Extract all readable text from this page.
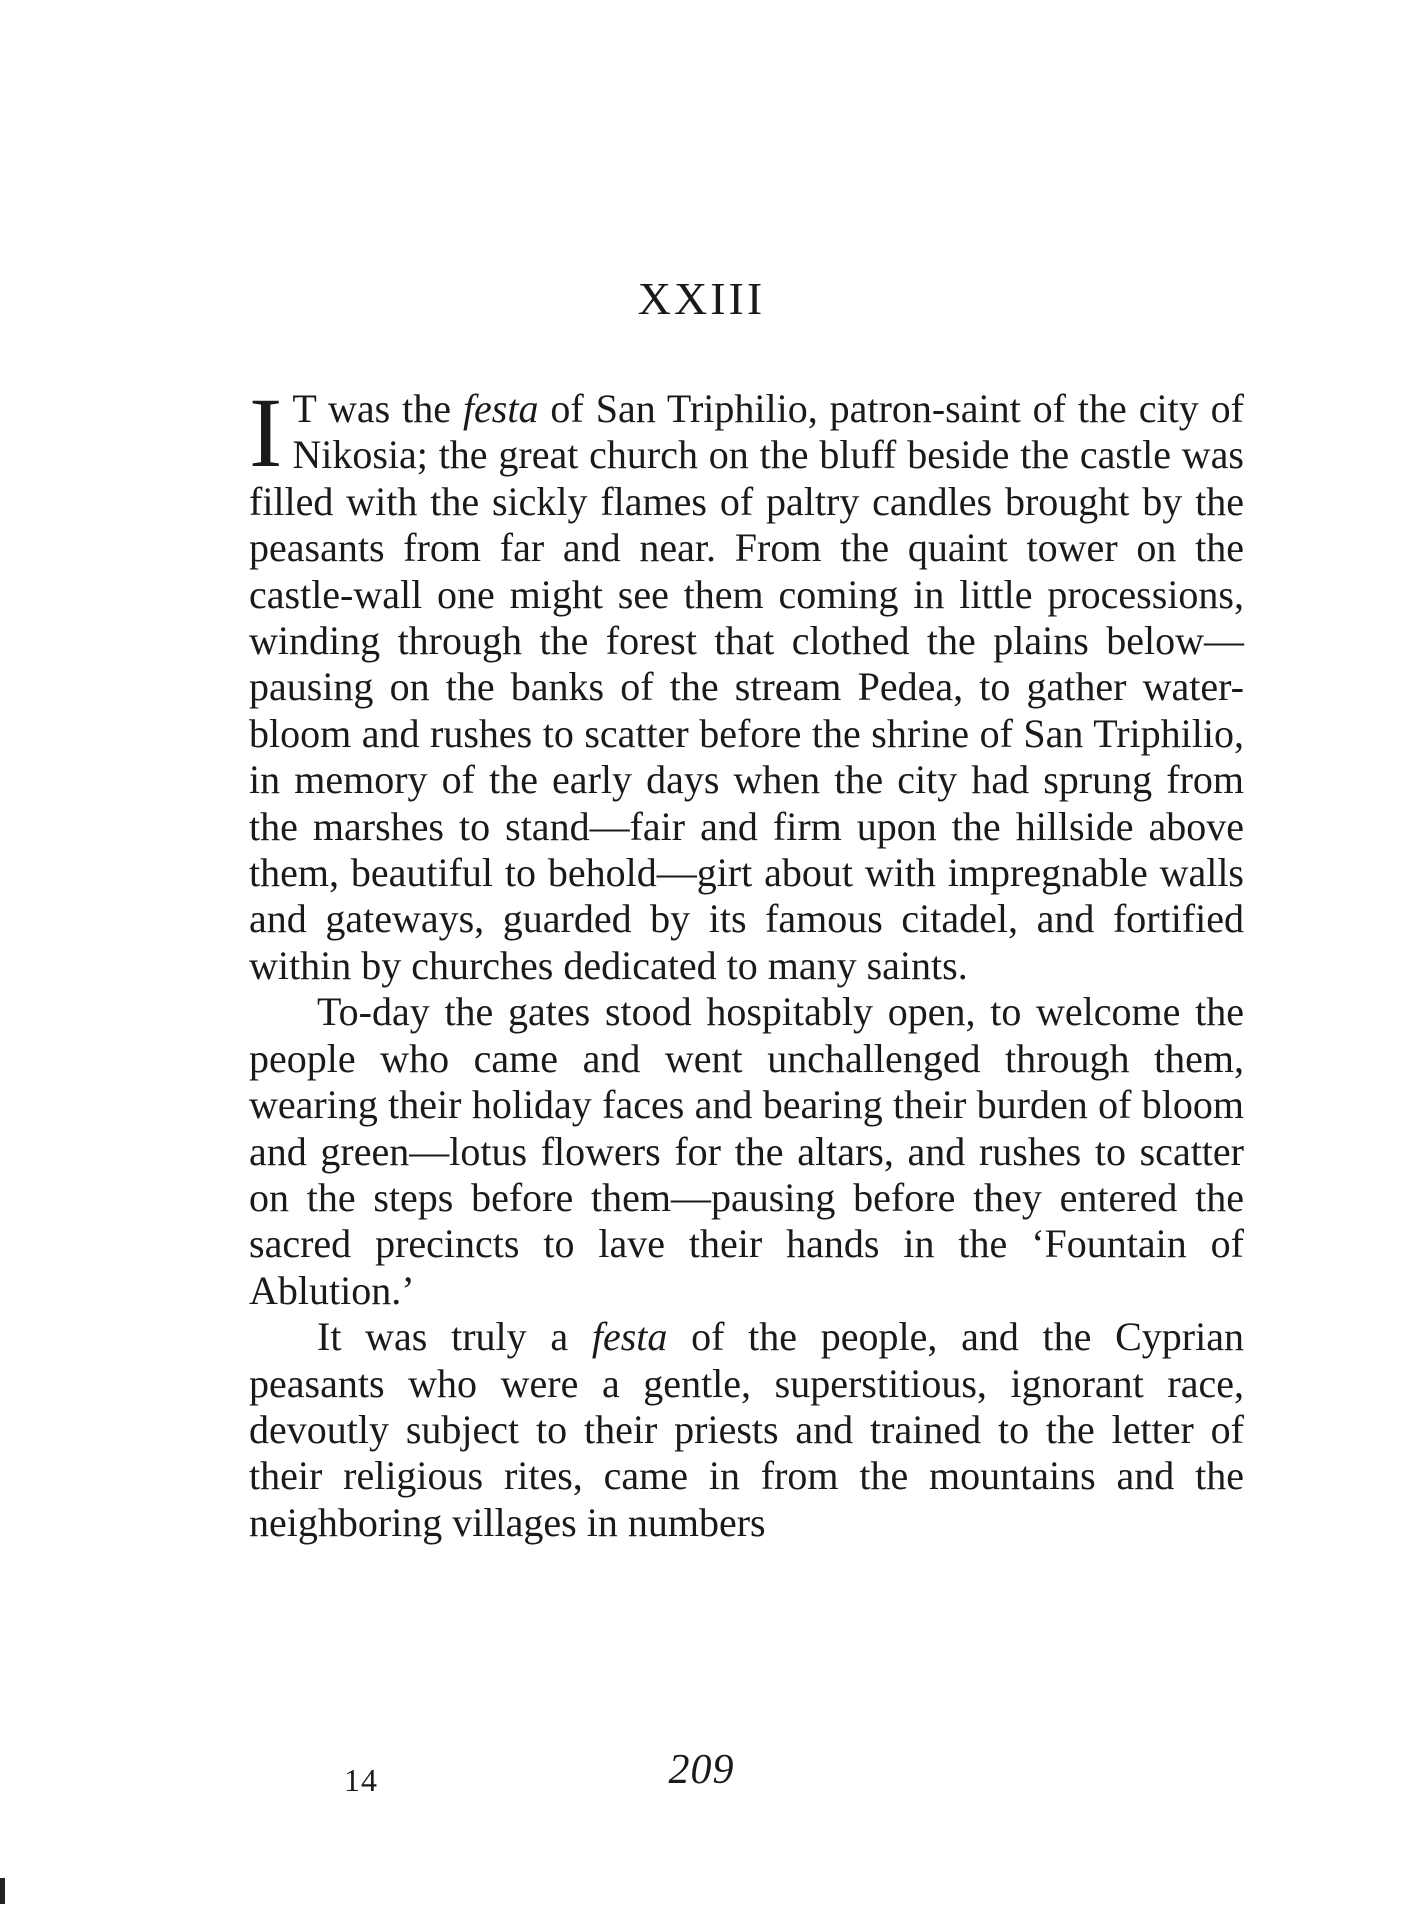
XXIII

I T was the festa of San Triphilio, patron-saint of the city of Nikosia; the great church on the bluff beside the castle was filled with the sickly flames of paltry candles brought by the peasants from far and near. From the quaint tower on the castle-wall one might see them coming in little processions, winding through the forest that clothed the plains below—pausing on the banks of the stream Pedea, to gather water-bloom and rushes to scatter before the shrine of San Triphilio, in memory of the early days when the city had sprung from the marshes to stand—fair and firm upon the hillside above them, beautiful to behold—girt about with impregnable walls and gateways, guarded by its famous citadel, and fortified within by churches dedicated to many saints.

To-day the gates stood hospitably open, to welcome the people who came and went unchallenged through them, wearing their holiday faces and bearing their burden of bloom and green—lotus flowers for the altars, and rushes to scatter on the steps before them—pausing before they entered the sacred precincts to lave their hands in the ‘Fountain of Ablution.’

It was truly a festa of the people, and the Cyprian peasants who were a gentle, superstitious, ignorant race, devoutly subject to their priests and trained to the letter of their religious rites, came in from the mountains and the neighboring villages in numbers

14	209
